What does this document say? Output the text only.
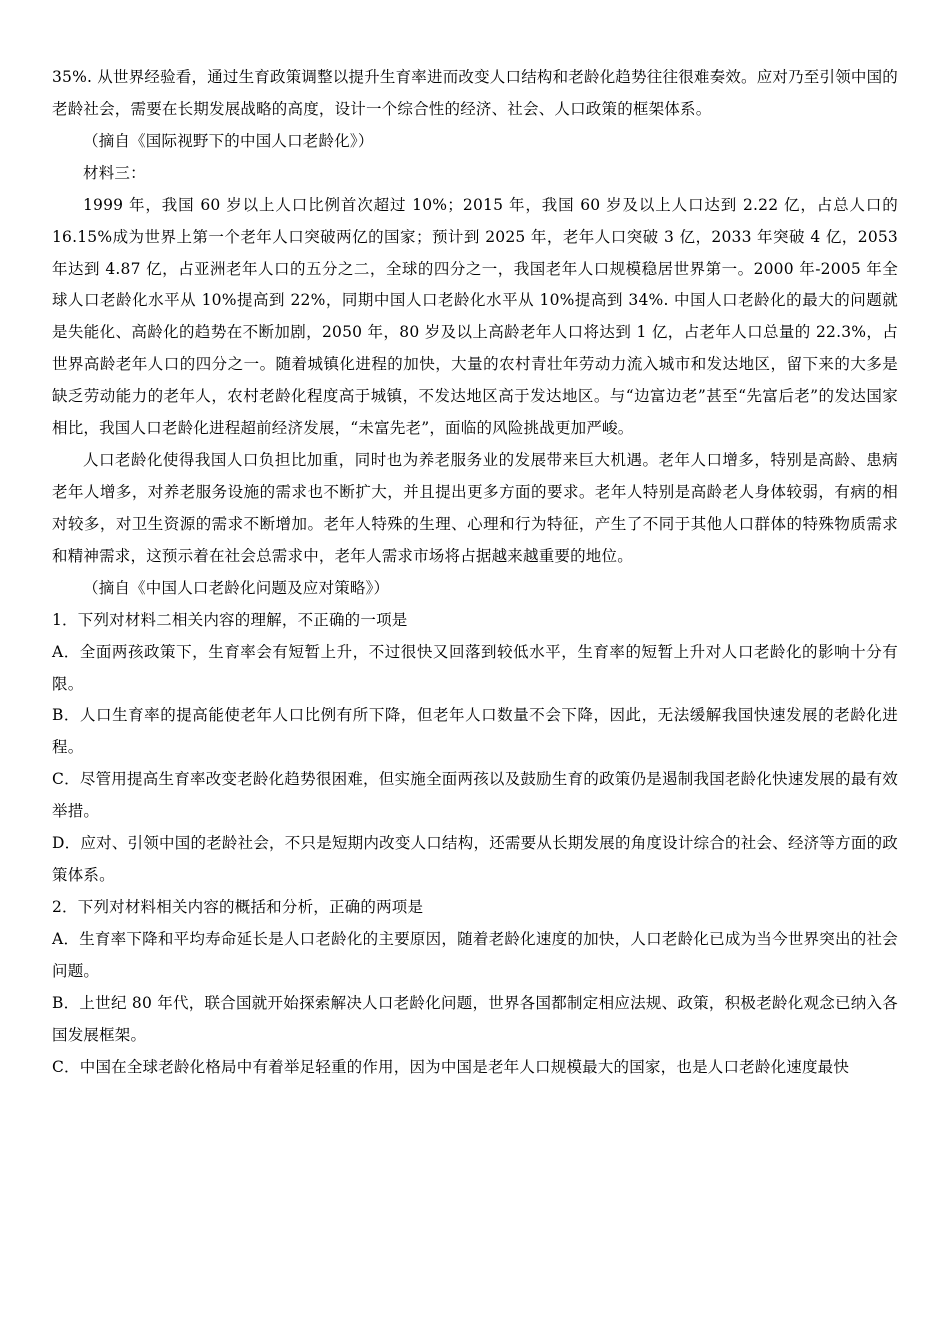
35%. 从世界经验看，通过生育政策调整以提升生育率进而改变人口结构和老龄化趋势往往很难奏效。应对乃至引领中国的老龄社会，需要在长期发展战略的高度，设计一个综合性的经济、社会、人口政策的框架体系。

（摘自《国际视野下的中国人口老龄化》）

材料三：

1999 年，我国 60 岁以上人口比例首次超过 10%；2015 年，我国 60 岁及以上人口达到 2.22 亿，占总人口的 16.15%成为世界上第一个老年人口突破两亿的国家；预计到 2025 年，老年人口突破 3 亿，2033 年突破 4 亿，2053 年达到 4.87 亿，占亚洲老年人口的五分之二，全球的四分之一，我国老年人口规模稳居世界第一。2000 年-2005 年全球人口老龄化水平从 10%提高到 22%，同期中国人口老龄化水平从 10%提高到 34%. 中国人口老龄化的最大的问题就是失能化、高龄化的趋势在不断加剧，2050 年，80 岁及以上高龄老年人口将达到 1 亿，占老年人口总量的 22.3%，占世界高龄老年人口的四分之一。随着城镇化进程的加快，大量的农村青壮年劳动力流入城市和发达地区，留下来的大多是缺乏劳动能力的老年人，农村老龄化程度高于城镇，不发达地区高于发达地区。与“边富边老”甚至“先富后老”的发达国家相比，我国人口老龄化进程超前经济发展，“未富先老”，面临的风险挑战更加严峻。

人口老龄化使得我国人口负担比加重，同时也为养老服务业的发展带来巨大机遇。老年人口增多，特别是高龄、患病老年人增多，对养老服务设施的需求也不断扩大，并且提出更多方面的要求。老年人特别是高龄老人身体较弱，有病的相对较多，对卫生资源的需求不断增加。老年人特殊的生理、心理和行为特征，产生了不同于其他人口群体的特殊物质需求和精神需求，这预示着在社会总需求中，老年人需求市场将占据越来越重要的地位。

（摘自《中国人口老龄化问题及应对策略》）

1．下列对材料二相关内容的理解，不正确的一项是

A．全面两孩政策下，生育率会有短暂上升，不过很快又回落到较低水平，生育率的短暂上升对人口老龄化的影响十分有限。

B．人口生育率的提高能使老年人口比例有所下降，但老年人口数量不会下降，因此，无法缓解我国快速发展的老龄化进程。

C．尽管用提高生育率改变老龄化趋势很困难，但实施全面两孩以及鼓励生育的政策仍是遏制我国老龄化快速发展的最有效举措。

D．应对、引领中国的老龄社会，不只是短期内改变人口结构，还需要从长期发展的角度设计综合的社会、经济等方面的政策体系。

2．下列对材料相关内容的概括和分析，正确的两项是

A．生育率下降和平均寿命延长是人口老龄化的主要原因，随着老龄化速度的加快，人口老龄化已成为当今世界突出的社会问题。

B．上世纪 80 年代，联合国就开始探索解决人口老龄化问题，世界各国都制定相应法规、政策，积极老龄化观念已纳入各国发展框架。

C．中国在全球老龄化格局中有着举足轻重的作用，因为中国是老年人口规模最大的国家，也是人口老龄化速度最快
